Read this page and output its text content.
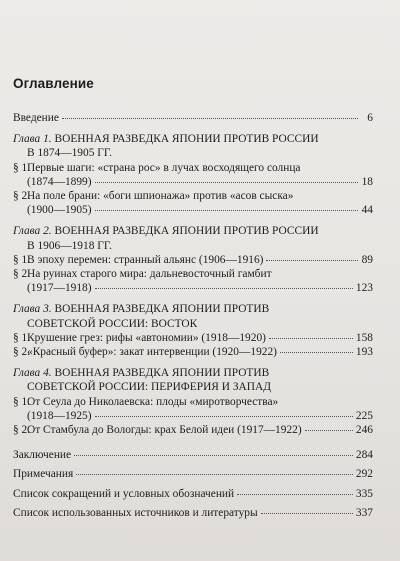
Оглавление
Введение	6
Глава 1. ВОЕННАЯ РАЗВЕДКА ЯПОНИИ ПРОТИВ РОССИИ
В 1874—1905 ГГ.
§ 1.
Первые шаги: «страна рос» в лучах восходящего солнца
(1874—1899)	18
§ 2.
На поле брани: «боги шпионажа» против «асов сыска»
(1900—1905)	44
Глава 2. ВОЕННАЯ РАЗВЕДКА ЯПОНИИ ПРОТИВ РОССИИ
В 1906—1918 ГГ.
§ 1.
В эпоху перемен: странный альянс (1906—1916)	89
§ 2.
На руинах старого мира: дальневосточный гамбит
(1917—1918)	123
Глава 3. ВОЕННАЯ РАЗВЕДКА ЯПОНИИ ПРОТИВ
СОВЕТСКОЙ РОССИИ: ВОСТОК
§ 1.
Крушение грез: рифы «автономии» (1918—1920)	158
§ 2.
«Красный буфер»: закат интервенции (1920—1922)	193
Глава 4. ВОЕННАЯ РАЗВЕДКА ЯПОНИИ ПРОТИВ
СОВЕТСКОЙ РОССИИ: ПЕРИФЕРИЯ И ЗАПАД
§ 1.
От Сеула до Николаевска: плоды «миротворчества»
(1918—1925)	225
§ 2.
От Стамбула до Вологды: крах Белой идеи (1917—1922)	246
Заключение	284
Примечания	292
Список сокращений и условных обозначений	335
Список использованных источников и литературы	337
